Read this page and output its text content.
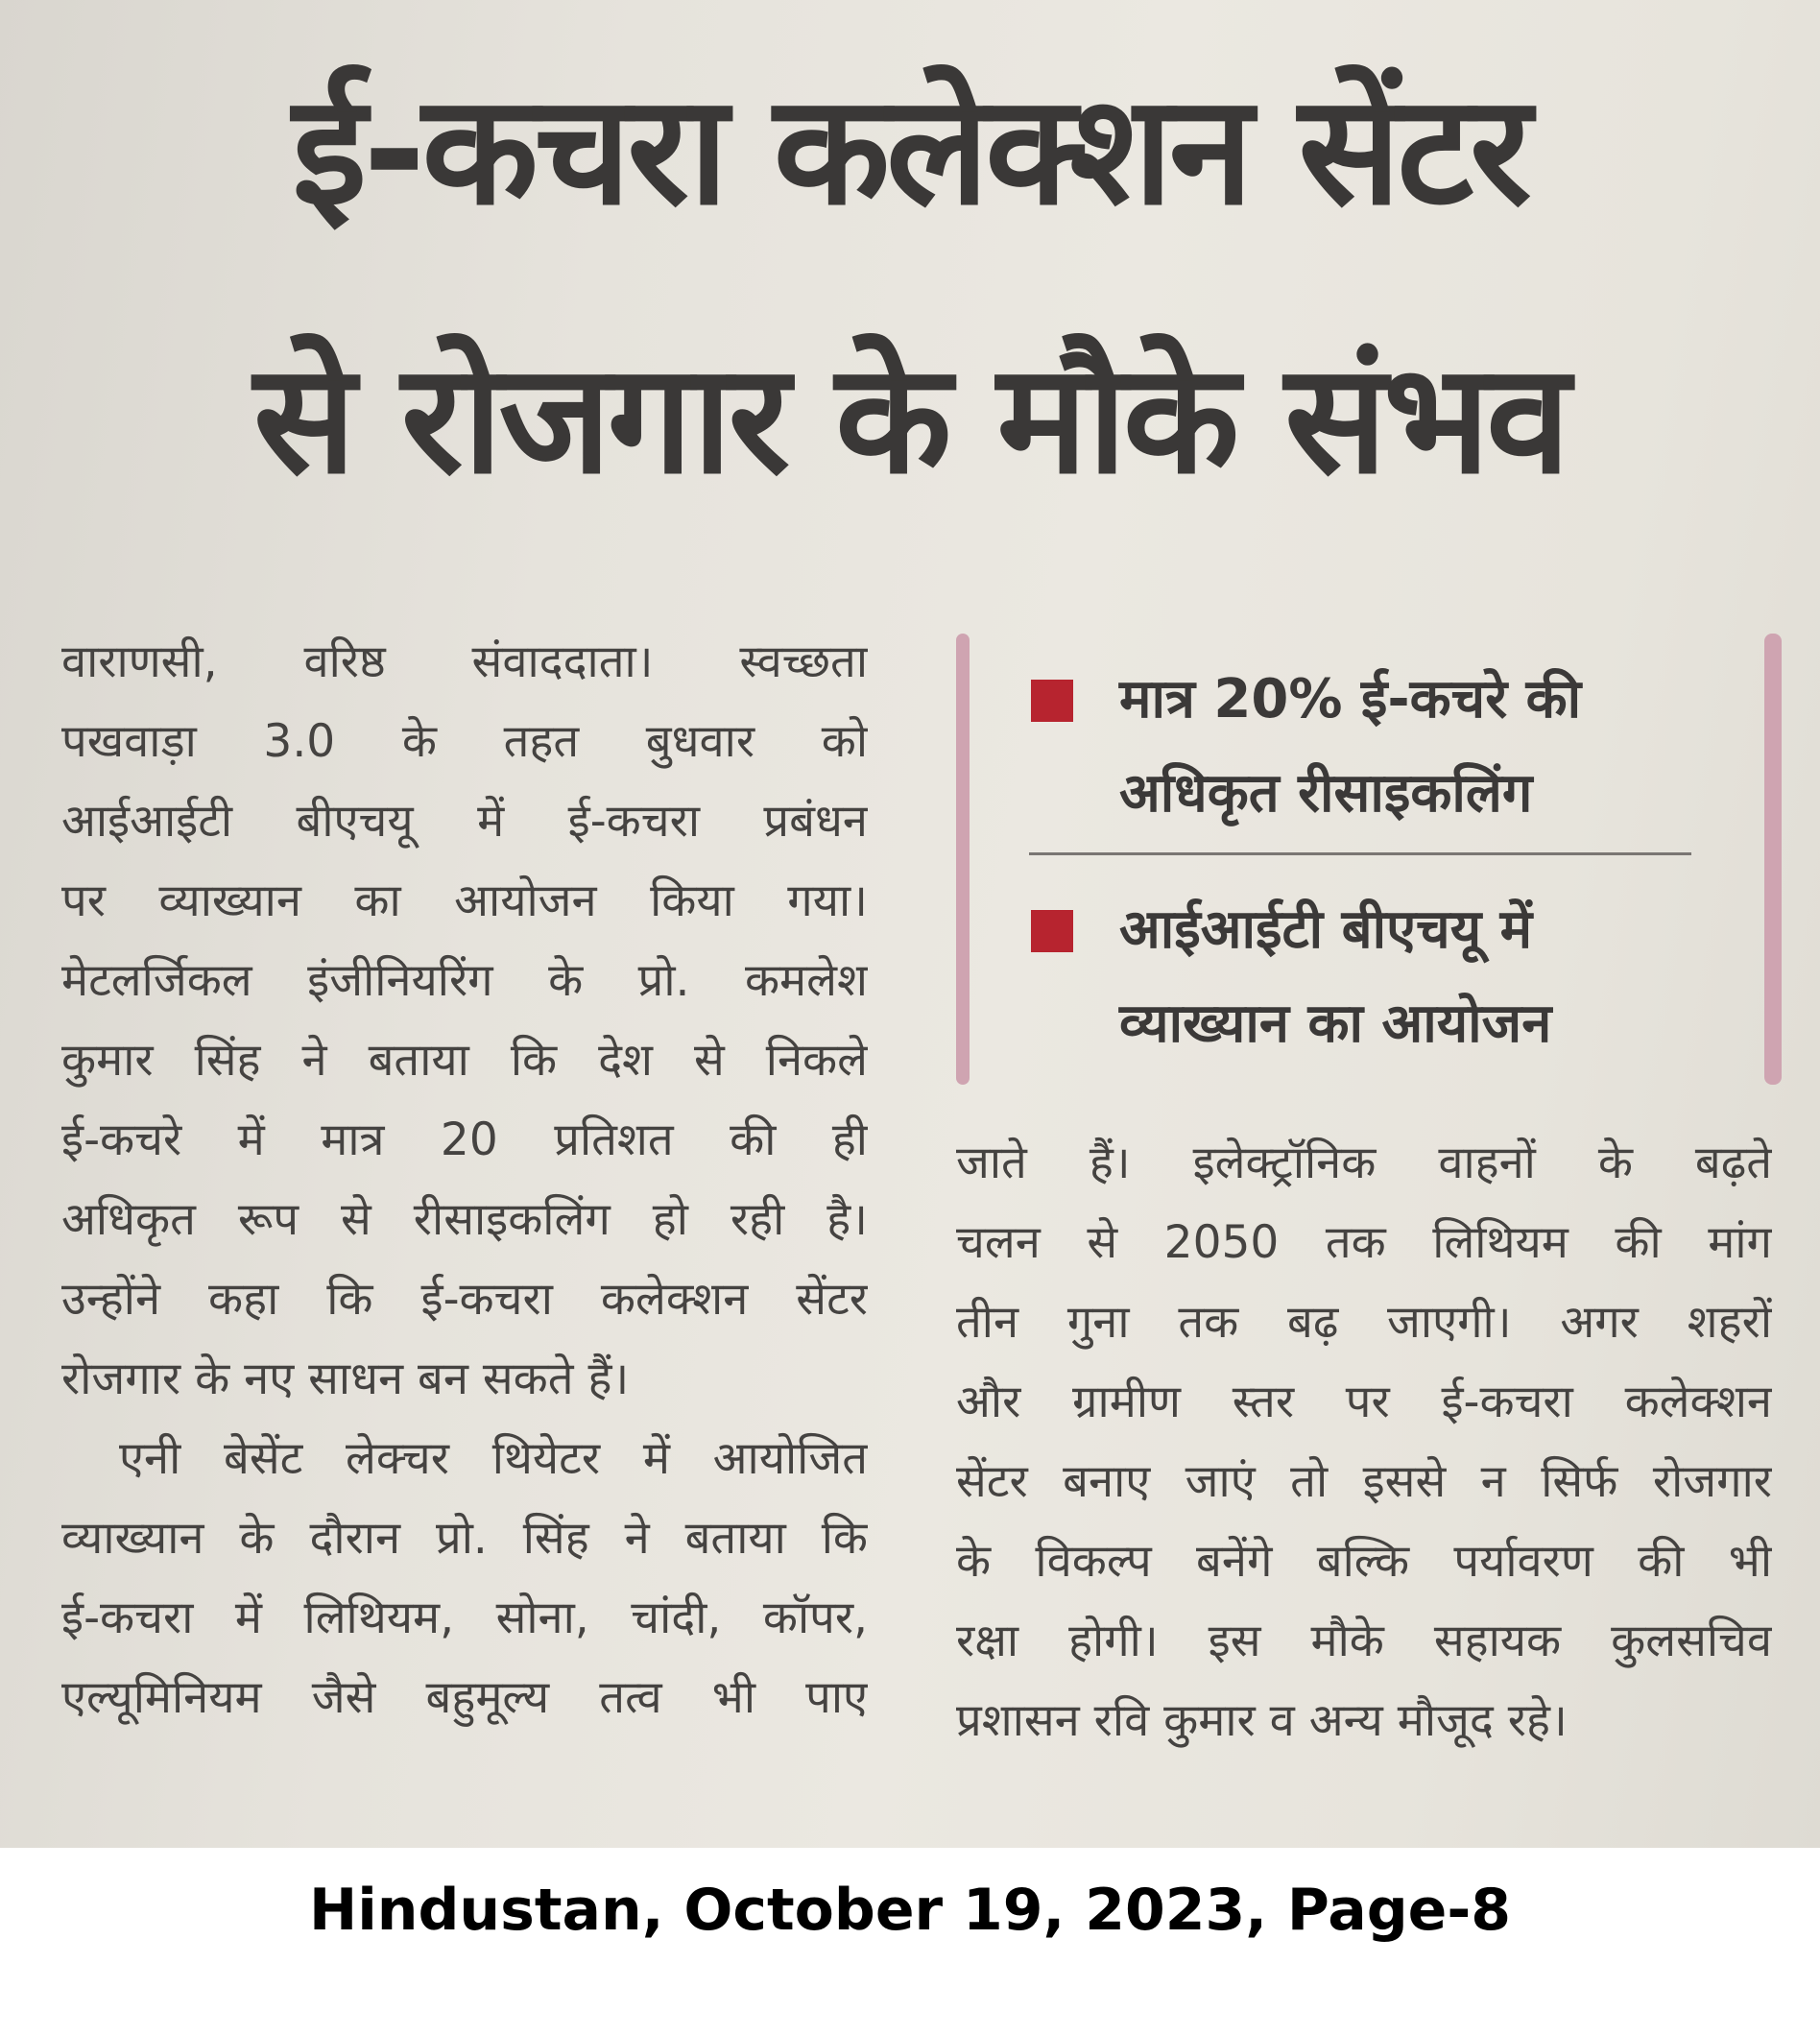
ई-कचरा कलेक्शन सेंटर
से रोजगार के मौके संभव
वाराणसी, वरिष्ठ संवाददाता। स्वच्छता
पखवाड़ा 3.0 के तहत बुधवार को
आईआईटी बीएचयू में ई-कचरा प्रबंधन
पर व्याख्यान का आयोजन किया गया।
मेटलर्जिकल इंजीनियरिंग के प्रो. कमलेश
कुमार सिंह ने बताया कि देश से निकले
ई-कचरे में मात्र 20 प्रतिशत की ही
अधिकृत रूप से रीसाइकलिंग हो रही है।
उन्होंने कहा कि ई-कचरा कलेक्शन सेंटर
रोजगार के नए साधन बन सकते हैं।
एनी बेसेंट लेक्चर थियेटर में आयोजित
व्याख्यान के दौरान प्रो. सिंह ने बताया कि
ई-कचरा में लिथियम, सोना, चांदी, कॉपर,
एल्यूमिनियम जैसे बहुमूल्य तत्व भी पाए
मात्र 20% ई-कचरे की
अधिकृत रीसाइकलिंग
आईआईटी बीएचयू में
व्याख्यान का आयोजन
जाते हैं। इलेक्ट्रॉनिक वाहनों के बढ़ते
चलन से 2050 तक लिथियम की मांग
तीन गुना तक बढ़ जाएगी। अगर शहरों
और ग्रामीण स्तर पर ई-कचरा कलेक्शन
सेंटर बनाए जाएं तो इससे न सिर्फ रोजगार
के विकल्प बनेंगे बल्कि पर्यावरण की भी
रक्षा होगी। इस मौके सहायक कुलसचिव
प्रशासन रवि कुमार व अन्य मौजूद रहे।
Hindustan, October 19, 2023, Page-8
